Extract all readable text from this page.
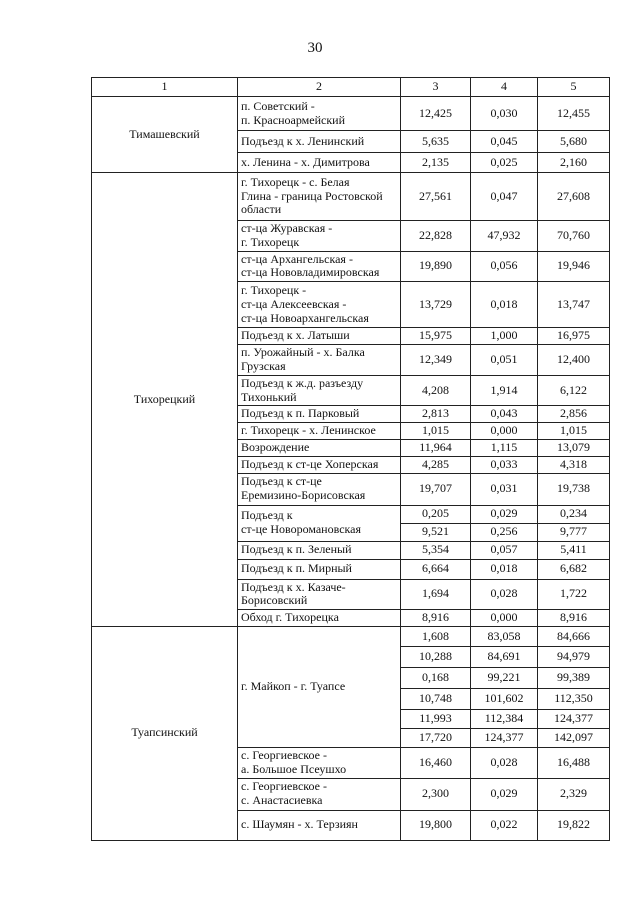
30
1	2	3	4	5
Тимашевский	п. Советский -
п. Красноармейский	12,425	0,030	12,455
	Подъезд к х. Ленинский	5,635	0,045	5,680
	х. Ленина - х. Димитрова	2,135	0,025	2,160
Тихорецкий	г. Тихорецк - с. Белая
Глина - граница Ростовской
области	27,561	0,047	27,608
	ст-ца Журавская -
г. Тихорецк	22,828	47,932	70,760
	ст-ца Архангельская -
ст-ца Нововладимировская	19,890	0,056	19,946
	г. Тихорецк -
ст-ца Алексеевская -
ст-ца Новоархангельская	13,729	0,018	13,747
	Подъезд к х. Латыши	15,975	1,000	16,975
	п. Урожайный - х. Балка
Грузская	12,349	0,051	12,400
	Подъезд к ж.д. разъезду
Тихонький	4,208	1,914	6,122
	Подъезд к п. Парковый	2,813	0,043	2,856
	г. Тихорецк - х. Ленинское	1,015	0,000	1,015
	Возрождение	11,964	1,115	13,079
	Подъезд к ст-це Хоперская	4,285	0,033	4,318
	Подъезд к ст-це
Еремизино-Борисовская	19,707	0,031	19,738
	Подъезд к
ст-це Новоромановская	0,205	0,029	0,234
		9,521	0,256	9,777
	Подъезд к п. Зеленый	5,354	0,057	5,411
	Подъезд к п. Мирный	6,664	0,018	6,682
	Подъезд к х. Казаче-
Борисовский	1,694	0,028	1,722
	Обход г. Тихорецка	8,916	0,000	8,916
Туапсинский	г. Майкоп - г. Туапсе	1,608	83,058	84,666
		10,288	84,691	94,979
		0,168	99,221	99,389
		10,748	101,602	112,350
		11,993	112,384	124,377
		17,720	124,377	142,097
	с. Георгиевское -
а. Большое Псеушхо	16,460	0,028	16,488
	с. Георгиевское -
с. Анастасиевка	2,300	0,029	2,329
	с. Шаумян - х. Терзиян	19,800	0,022	19,822
